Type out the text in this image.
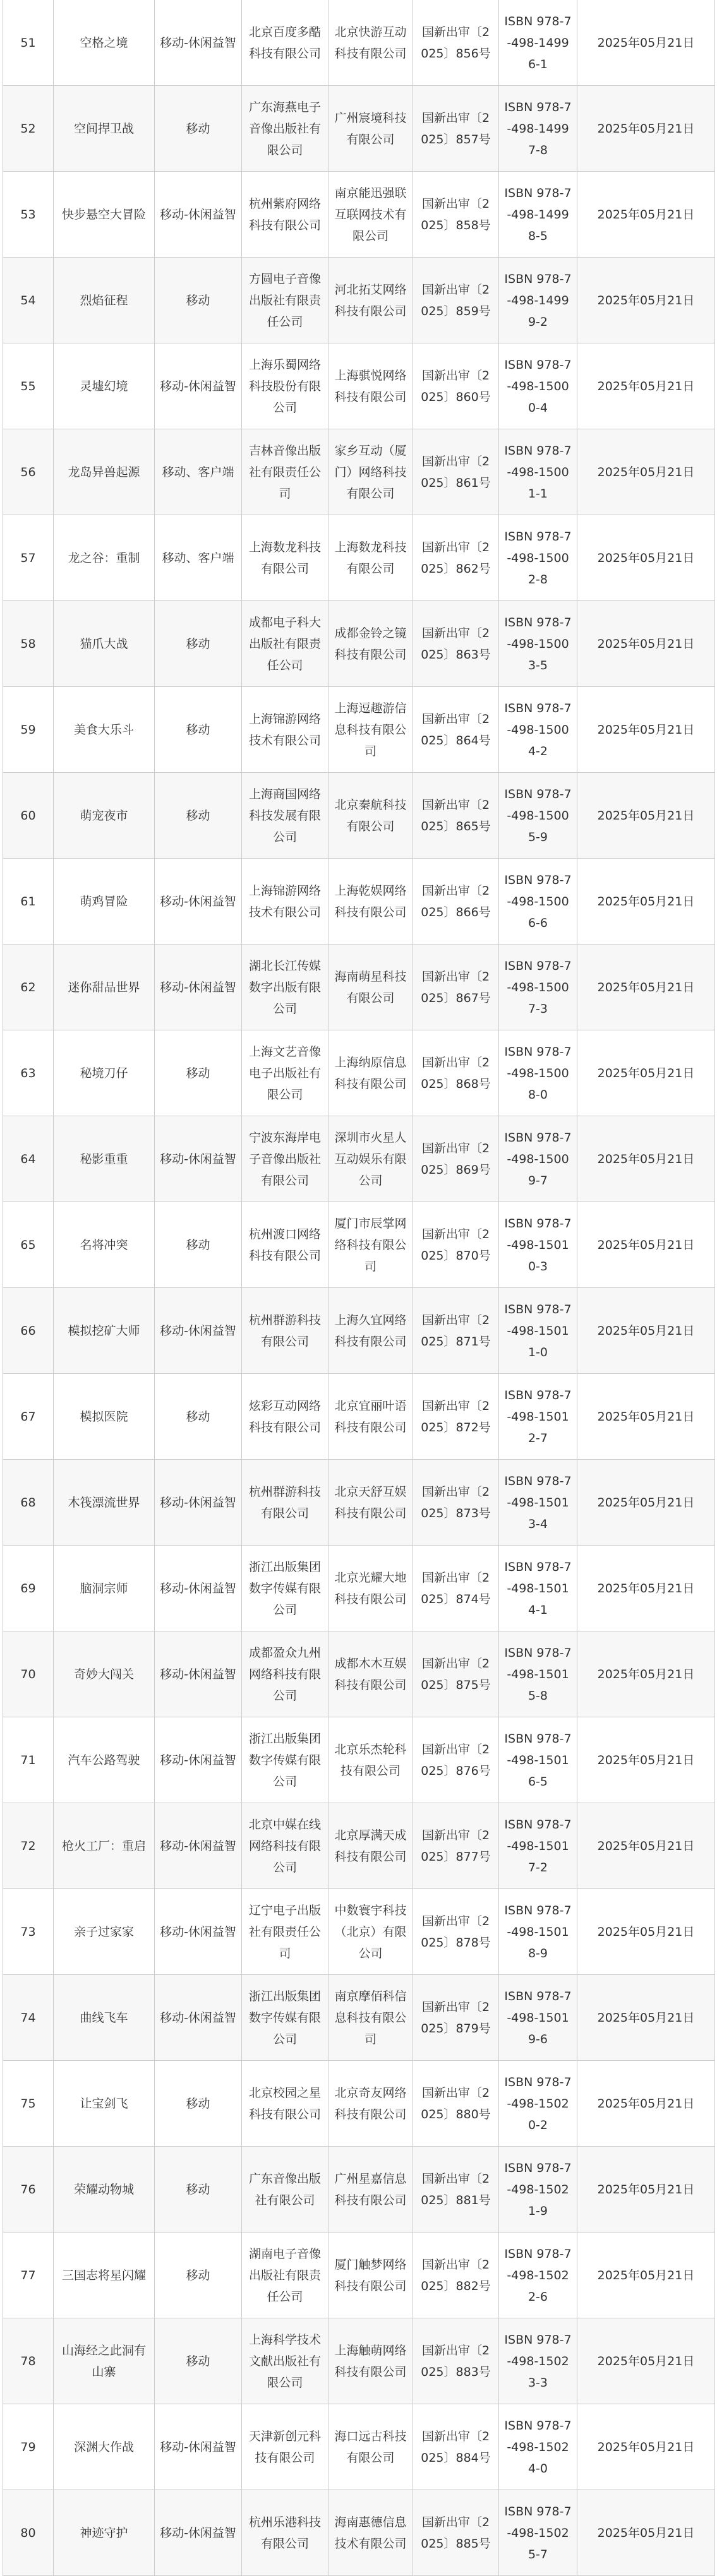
51	空格之境	移动-休闲益智	北京百度多酷科技有限公司	北京快游互动科技有限公司	国新出审〔2025〕856号	ISBN 978-7-498-14996-1	2025年05月21日
52	空间捍卫战	移动	广东海燕电子音像出版社有限公司	广州宸境科技有限公司	国新出审〔2025〕857号	ISBN 978-7-498-14997-8	2025年05月21日
53	快步悬空大冒险	移动-休闲益智	杭州紫府网络科技有限公司	南京能迅强联互联网技术有限公司	国新出审〔2025〕858号	ISBN 978-7-498-14998-5	2025年05月21日
54	烈焰征程	移动	方圆电子音像出版社有限责任公司	河北拓艾网络科技有限公司	国新出审〔2025〕859号	ISBN 978-7-498-14999-2	2025年05月21日
55	灵墟幻境	移动-休闲益智	上海乐蜀网络科技股份有限公司	上海骐悦网络科技有限公司	国新出审〔2025〕860号	ISBN 978-7-498-15000-4	2025年05月21日
56	龙岛异兽起源	移动、客户端	吉林音像出版社有限责任公司	家乡互动（厦门）网络科技有限公司	国新出审〔2025〕861号	ISBN 978-7-498-15001-1	2025年05月21日
57	龙之谷：重制	移动、客户端	上海数龙科技有限公司	上海数龙科技有限公司	国新出审〔2025〕862号	ISBN 978-7-498-15002-8	2025年05月21日
58	猫爪大战	移动	成都电子科大出版社有限责任公司	成都金铃之镜科技有限公司	国新出审〔2025〕863号	ISBN 978-7-498-15003-5	2025年05月21日
59	美食大乐斗	移动	上海锦游网络技术有限公司	上海逗趣游信息科技有限公司	国新出审〔2025〕864号	ISBN 978-7-498-15004-2	2025年05月21日
60	萌宠夜市	移动	上海商国网络科技发展有限公司	北京秦航科技有限公司	国新出审〔2025〕865号	ISBN 978-7-498-15005-9	2025年05月21日
61	萌鸡冒险	移动-休闲益智	上海锦游网络技术有限公司	上海乾娱网络科技有限公司	国新出审〔2025〕866号	ISBN 978-7-498-15006-6	2025年05月21日
62	迷你甜品世界	移动-休闲益智	湖北长江传媒数字出版有限公司	海南萌星科技有限公司	国新出审〔2025〕867号	ISBN 978-7-498-15007-3	2025年05月21日
63	秘境刀仔	移动	上海文艺音像电子出版社有限公司	上海纳原信息科技有限公司	国新出审〔2025〕868号	ISBN 978-7-498-15008-0	2025年05月21日
64	秘影重重	移动-休闲益智	宁波东海岸电子音像出版社有限公司	深圳市火星人互动娱乐有限公司	国新出审〔2025〕869号	ISBN 978-7-498-15009-7	2025年05月21日
65	名将冲突	移动	杭州渡口网络科技有限公司	厦门市辰掌网络科技有限公司	国新出审〔2025〕870号	ISBN 978-7-498-15010-3	2025年05月21日
66	模拟挖矿大师	移动-休闲益智	杭州群游科技有限公司	上海久宜网络科技有限公司	国新出审〔2025〕871号	ISBN 978-7-498-15011-0	2025年05月21日
67	模拟医院	移动	炫彩互动网络科技有限公司	北京宜丽叶语科技有限公司	国新出审〔2025〕872号	ISBN 978-7-498-15012-7	2025年05月21日
68	木筏漂流世界	移动-休闲益智	杭州群游科技有限公司	北京天舒互娱科技有限公司	国新出审〔2025〕873号	ISBN 978-7-498-15013-4	2025年05月21日
69	脑洞宗师	移动-休闲益智	浙江出版集团数字传媒有限公司	北京光耀大地科技有限公司	国新出审〔2025〕874号	ISBN 978-7-498-15014-1	2025年05月21日
70	奇妙大闯关	移动-休闲益智	成都盈众九州网络科技有限公司	成都木木互娱科技有限公司	国新出审〔2025〕875号	ISBN 978-7-498-15015-8	2025年05月21日
71	汽车公路驾驶	移动-休闲益智	浙江出版集团数字传媒有限公司	北京乐杰轮科技有限公司	国新出审〔2025〕876号	ISBN 978-7-498-15016-5	2025年05月21日
72	枪火工厂：重启	移动-休闲益智	北京中媒在线网络科技有限公司	北京厚满天成科技有限公司	国新出审〔2025〕877号	ISBN 978-7-498-15017-2	2025年05月21日
73	亲子过家家	移动-休闲益智	辽宁电子出版社有限责任公司	中数寰宇科技（北京）有限公司	国新出审〔2025〕878号	ISBN 978-7-498-15018-9	2025年05月21日
74	曲线飞车	移动-休闲益智	浙江出版集团数字传媒有限公司	南京摩佰科信息科技有限公司	国新出审〔2025〕879号	ISBN 978-7-498-15019-6	2025年05月21日
75	让宝剑飞	移动	北京校园之星科技有限公司	北京奇友网络科技有限公司	国新出审〔2025〕880号	ISBN 978-7-498-15020-2	2025年05月21日
76	荣耀动物城	移动	广东音像出版社有限公司	广州星嘉信息科技有限公司	国新出审〔2025〕881号	ISBN 978-7-498-15021-9	2025年05月21日
77	三国志将星闪耀	移动	湖南电子音像出版社有限责任公司	厦门触梦网络科技有限公司	国新出审〔2025〕882号	ISBN 978-7-498-15022-6	2025年05月21日
78	山海经之此洞有山寨	移动	上海科学技术文献出版社有限公司	上海触萌网络科技有限公司	国新出审〔2025〕883号	ISBN 978-7-498-15023-3	2025年05月21日
79	深渊大作战	移动-休闲益智	天津新创元科技有限公司	海口远古科技有限公司	国新出审〔2025〕884号	ISBN 978-7-498-15024-0	2025年05月21日
80	神迹守护	移动-休闲益智	杭州乐港科技有限公司	海南惠德信息技术有限公司	国新出审〔2025〕885号	ISBN 978-7-498-15025-7	2025年05月21日
